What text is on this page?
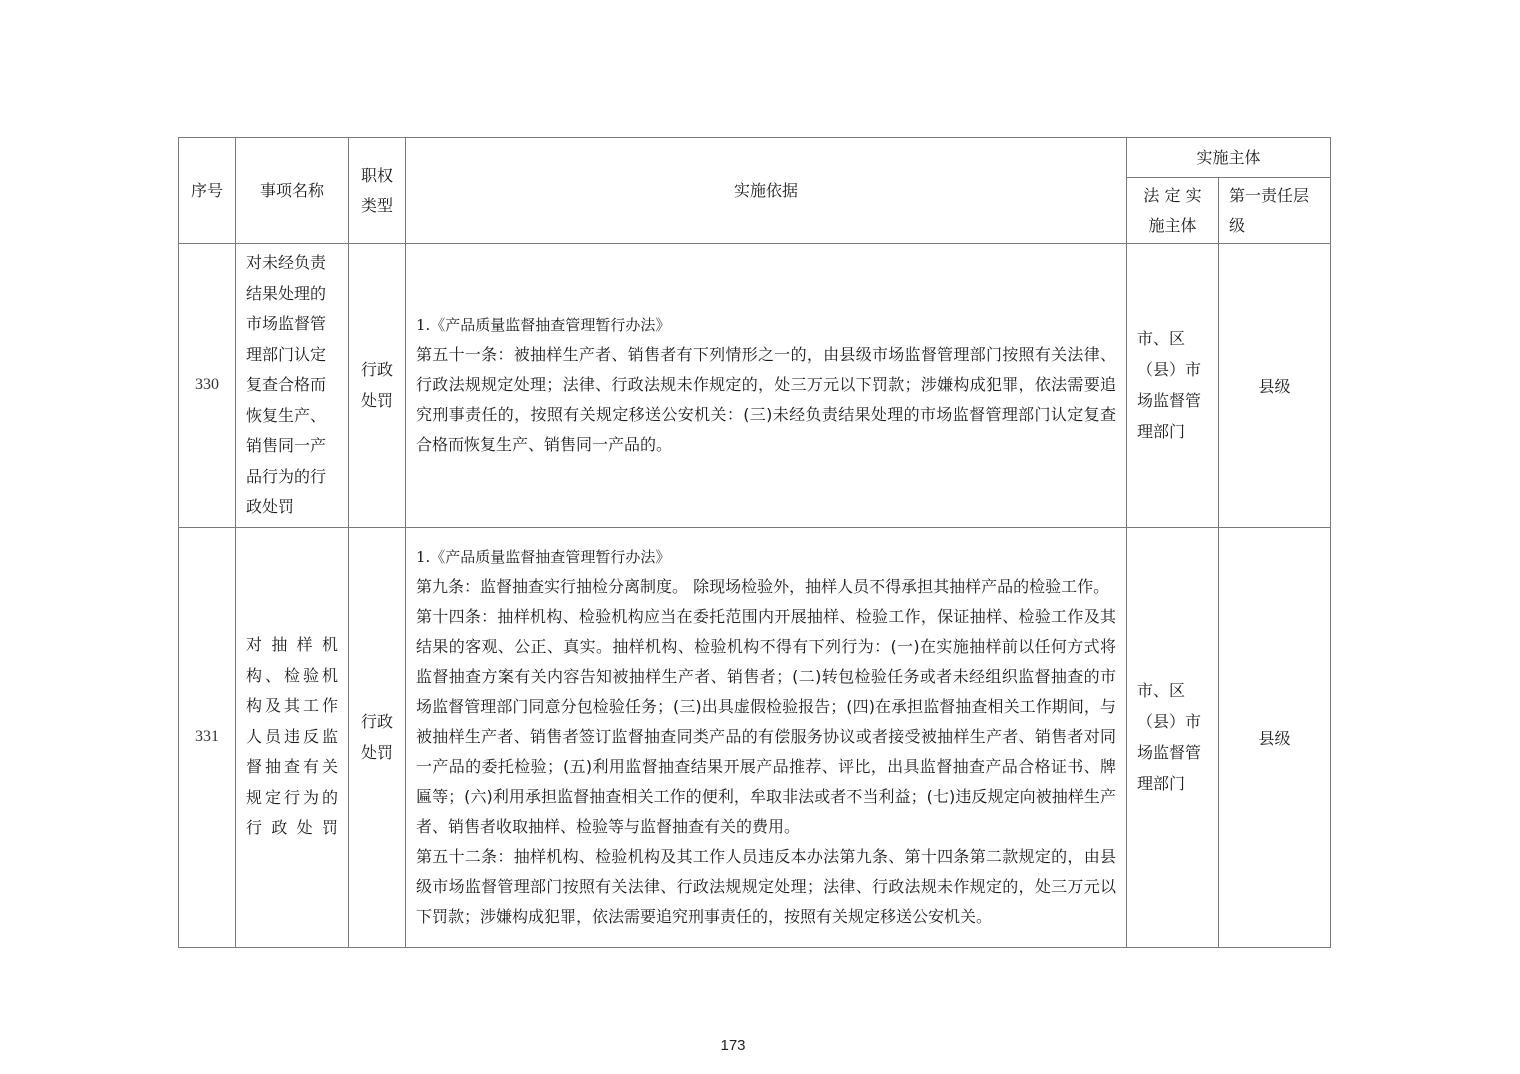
序号	事项名称	职权类型	实施依据	实施主体	
				法 定 实施主体	第一责任层级
330	对未经负责结果处理的市场监督管理部门认定复查合格而恢复生产、销售同一产品行为的行政处罚	行政处罚	1.《产品质量监督抽查管理暂行办法》

第五十一条：被抽样生产者、销售者有下列情形之一的，由县级市场监督管理部门按照有关法律、行政法规规定处理；法律、行政法规未作规定的，处三万元以下罚款；涉嫌构成犯罪，依法需要追究刑事责任的，按照有关规定移送公安机关：(三)未经负责结果处理的市场监督管理部门认定复查合格而恢复生产、销售同一产品的。	市、区（县）市场监督管理部门	县级
331	对抽样机构、检验机构及其工作人员违反监督抽查有关规定行为的行政处罚	行政处罚	1.《产品质量监督抽查管理暂行办法》

第九条：监督抽查实行抽检分离制度。 除现场检验外，抽样人员不得承担其抽样产品的检验工作。

第十四条：抽样机构、检验机构应当在委托范围内开展抽样、检验工作，保证抽样、检验工作及其结果的客观、公正、真实。抽样机构、检验机构不得有下列行为：(一)在实施抽样前以任何方式将监督抽查方案有关内容告知被抽样生产者、销售者；(二)转包检验任务或者未经组织监督抽查的市场监督管理部门同意分包检验任务；(三)出具虚假检验报告；(四)在承担监督抽查相关工作期间，与被抽样生产者、销售者签订监督抽查同类产品的有偿服务协议或者接受被抽样生产者、销售者对同一产品的委托检验；(五)利用监督抽查结果开展产品推荐、评比，出具监督抽查产品合格证书、牌匾等；(六)利用承担监督抽查相关工作的便利，牟取非法或者不当利益；(七)违反规定向被抽样生产者、销售者收取抽样、检验等与监督抽查有关的费用。

第五十二条：抽样机构、检验机构及其工作人员违反本办法第九条、第十四条第二款规定的，由县级市场监督管理部门按照有关法律、行政法规规定处理；法律、行政法规未作规定的，处三万元以下罚款；涉嫌构成犯罪，依法需要追究刑事责任的，按照有关规定移送公安机关。	市、区（县）市场监督管理部门	县级
173
